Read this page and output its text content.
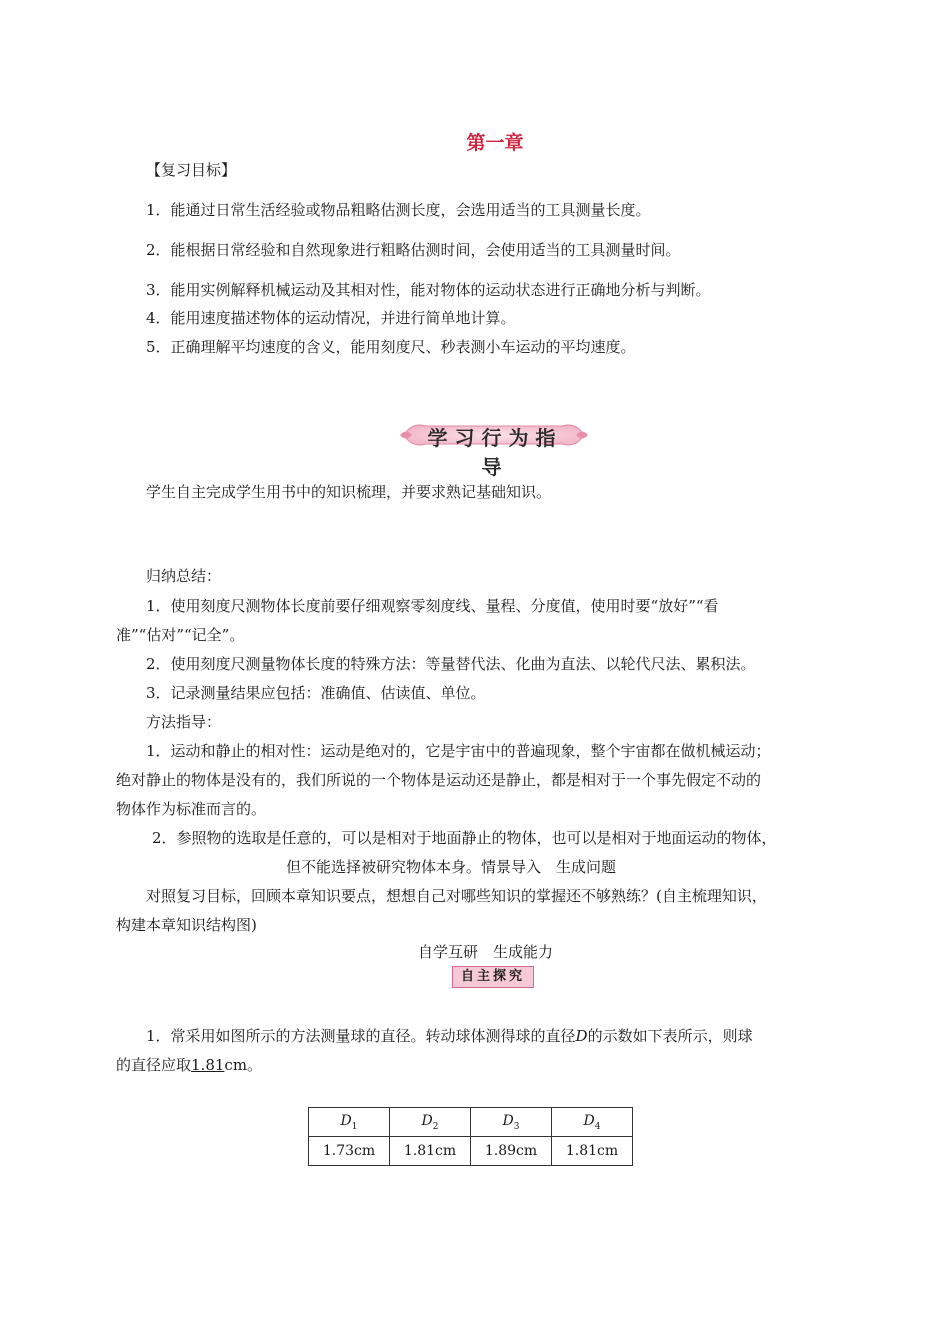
第一章
【复习目标】
1．能通过日常生活经验或物品粗略估测长度，会选用适当的工具测量长度。
2．能根据日常经验和自然现象进行粗略估测时间，会使用适当的工具测量时间。
3．能用实例解释机械运动及其相对性，能对物体的运动状态进行正确地分析与判断。
4．能用速度描述物体的运动情况，并进行简单地计算。
5．正确理解平均速度的含义，能用刻度尺、秒表测小车运动的平均速度。
学习行为指导
学生自主完成学生用书中的知识梳理，并要求熟记基础知识。
归纳总结：
1．使用刻度尺测物体长度前要仔细观察零刻度线、量程、分度值，使用时要“放好”“看
准”“估对”“记全”。
2．使用刻度尺测量物体长度的特殊方法：等量替代法、化曲为直法、以轮代尺法、累积法。
3．记录测量结果应包括：准确值、估读值、单位。
方法指导：
1．运动和静止的相对性：运动是绝对的，它是宇宙中的普遍现象，整个宇宙都在做机械运动；
绝对静止的物体是没有的，我们所说的一个物体是运动还是静止，都是相对于一个事先假定不动的
物体作为标准而言的。
2．参照物的选取是任意的，可以是相对于地面静止的物体，也可以是相对于地面运动的物体，
但不能选择被研究物体本身。情景导入　生成问题
对照复习目标，回顾本章知识要点，想想自己对哪些知识的掌握还不够熟练？(自主梳理知识，
构建本章知识结构图)
自学互研　生成能力
自主探究
1．常采用如图所示的方法测量球的直径。转动球体测得球的直径D的示数如下表所示，则球
的直径应取1.81cm。
$D_1$	$D_2$	$D_3$	$D_4$
1.73cm	1.81cm	1.89cm	1.81cm
